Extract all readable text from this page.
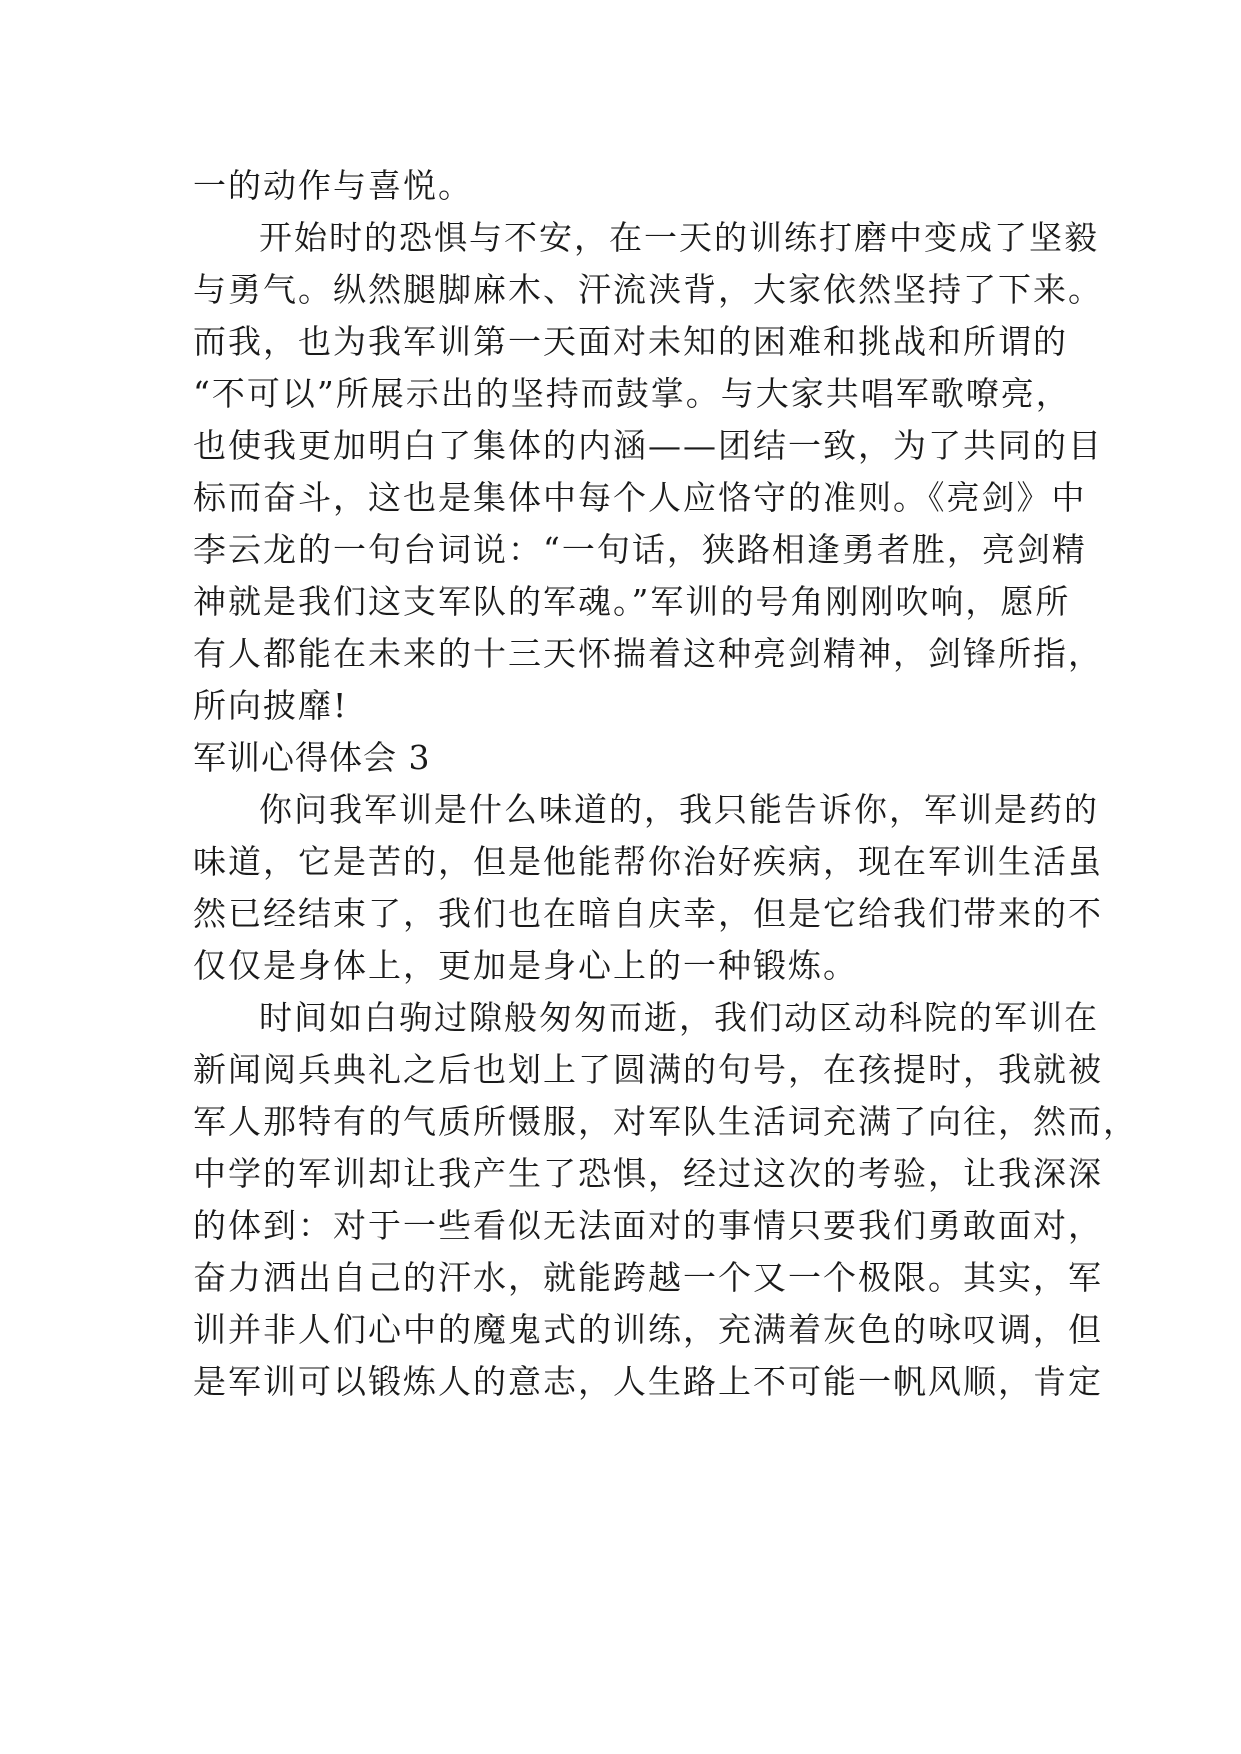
一的动作与喜悦。
开始时的恐惧与不安，在一天的训练打磨中变成了坚毅
与勇气。纵然腿脚麻木、汗流浃背，大家依然坚持了下来。
而我，也为我军训第一天面对未知的困难和挑战和所谓的
“不可以”所展示出的坚持而鼓掌。与大家共唱军歌嘹亮，
也使我更加明白了集体的内涵——团结一致，为了共同的目
标而奋斗，这也是集体中每个人应恪守的准则。《亮剑》中
李云龙的一句台词说：“一句话，狭路相逢勇者胜，亮剑精
神就是我们这支军队的军魂。”军训的号角刚刚吹响，愿所
有人都能在未来的十三天怀揣着这种亮剑精神，剑锋所指，
所向披靡!
军训心得体会 3
你问我军训是什么味道的，我只能告诉你，军训是药的
味道，它是苦的，但是他能帮你治好疾病，现在军训生活虽
然已经结束了，我们也在暗自庆幸，但是它给我们带来的不
仅仅是身体上，更加是身心上的一种锻炼。
时间如白驹过隙般匆匆而逝，我们动区动科院的军训在
新闻阅兵典礼之后也划上了圆满的句号，在孩提时，我就被
军人那特有的气质所慑服，对军队生活词充满了向往，然而，
中学的军训却让我产生了恐惧，经过这次的考验，让我深深
的体到：对于一些看似无法面对的事情只要我们勇敢面对，
奋力洒出自己的汗水，就能跨越一个又一个极限。其实，军
训并非人们心中的魔鬼式的训练，充满着灰色的咏叹调，但
是军训可以锻炼人的意志，人生路上不可能一帆风顺，肯定
